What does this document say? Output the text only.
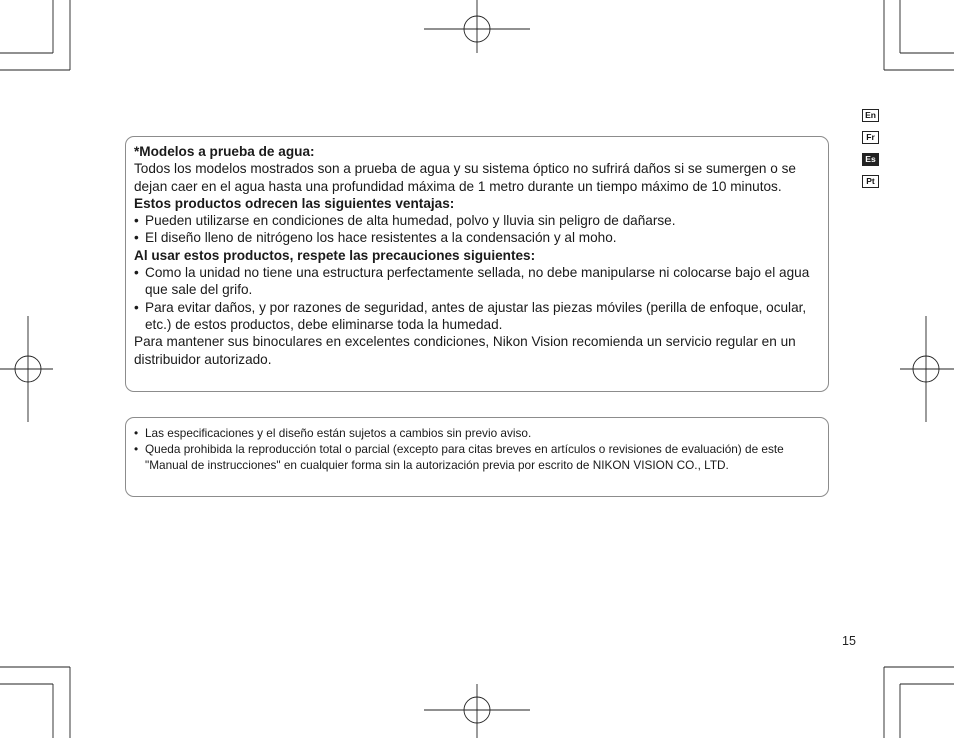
En
Fr
Es
Pt

*Modelos a prueba de agua:

Todos los modelos mostrados son a prueba de agua y su sistema óptico no sufrirá daños si se sumergen o se dejan caer en el agua hasta una profundidad máxima de 1 metro durante un tiempo máximo de 10 minutos.

Estos productos odrecen las siguientes ventajas:

• Pueden utilizarse en condiciones de alta humedad, polvo y lluvia sin peligro de dañarse.
• El diseño lleno de nitrógeno los hace resistentes a la condensación y al moho.

Al usar estos productos, respete las precauciones siguientes:

• Como la unidad no tiene una estructura perfectamente sellada, no debe manipularse ni colocarse bajo el agua que sale del grifo.
• Para evitar daños, y por razones de seguridad, antes de ajustar las piezas móviles (perilla de enfoque, ocular, etc.) de estos productos, debe eliminarse toda la humedad.

Para mantener sus binoculares en excelentes condiciones, Nikon Vision recomienda un servicio regular en un distribuidor autorizado.

• Las especificaciones y el diseño están sujetos a cambios sin previo aviso.
• Queda prohibida la reproducción total o parcial (excepto para citas breves en artículos o revisiones de evaluación) de este "Manual de instrucciones" en cualquier forma sin la autorización previa por escrito de NIKON VISION CO., LTD.
15
